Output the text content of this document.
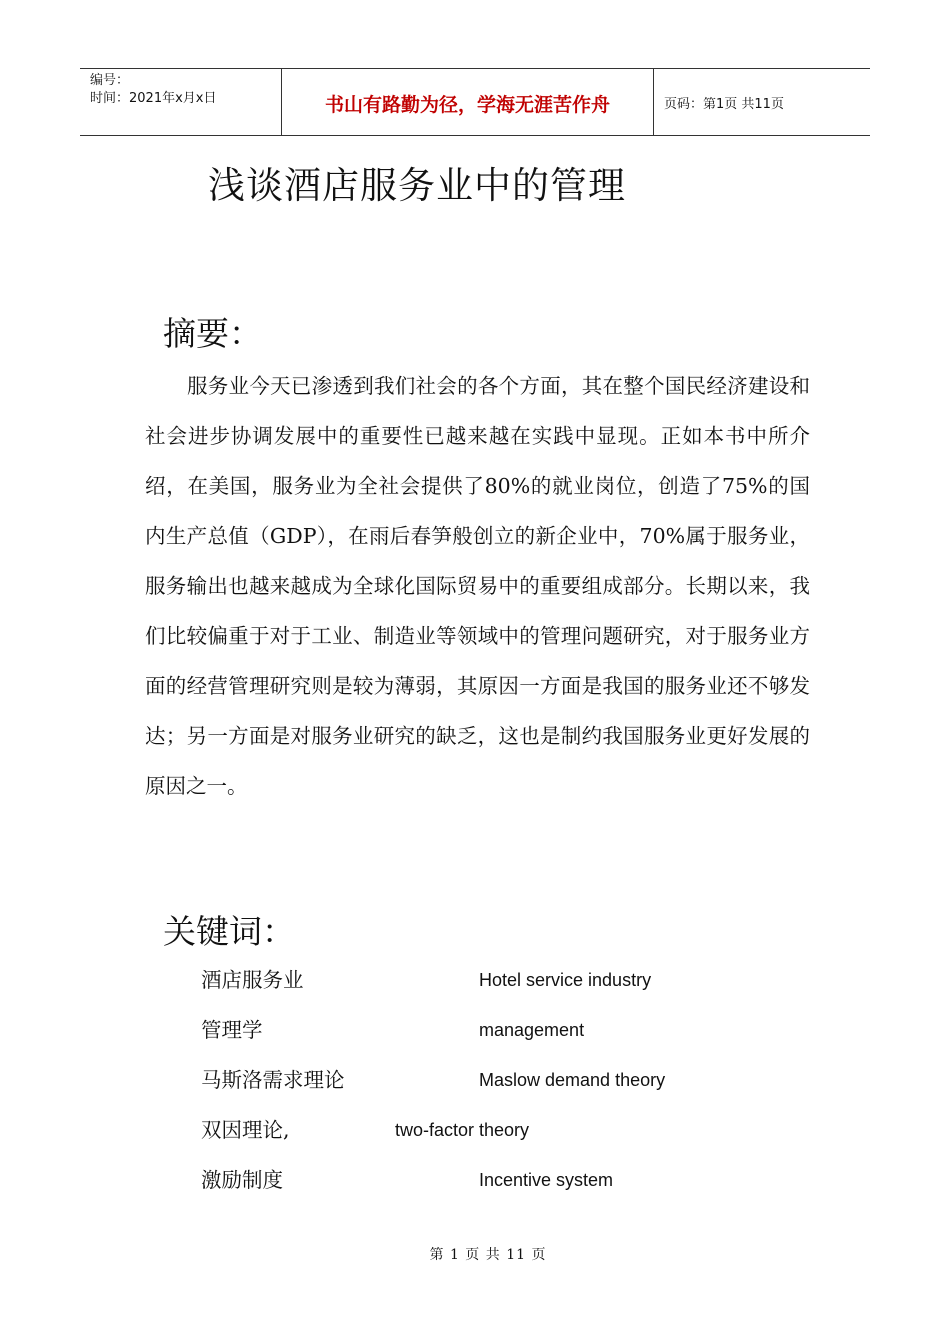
编号：
时间：2021年x月x日	书山有路勤为径，学海无涯苦作舟	页码：第1页 共11页
浅谈酒店服务业中的管理
摘要：

服务业今天已渗透到我们社会的各个方面，其在整个国民经济建设和社会进步协调发展中的重要性已越来越在实践中显现。正如本书中所介绍，在美国，服务业为全社会提供了80%的就业岗位，创造了75%的国内生产总值（GDP），在雨后春笋般创立的新企业中，70%属于服务业，服务输出也越来越成为全球化国际贸易中的重要组成部分。长期以来，我们比较偏重于对于工业、制造业等领域中的管理问题研究，对于服务业方面的经营管理研究则是较为薄弱，其原因一方面是我国的服务业还不够发达；另一方面是对服务业研究的缺乏，这也是制约我国服务业更好发展的原因之一。

关键词：
酒店服务业	Hotel service industry
管理学	management
马斯洛需求理论	Maslow demand theory
双因理论,	two-factor theory
激励制度	Incentive system
第 1 页 共 11 页
